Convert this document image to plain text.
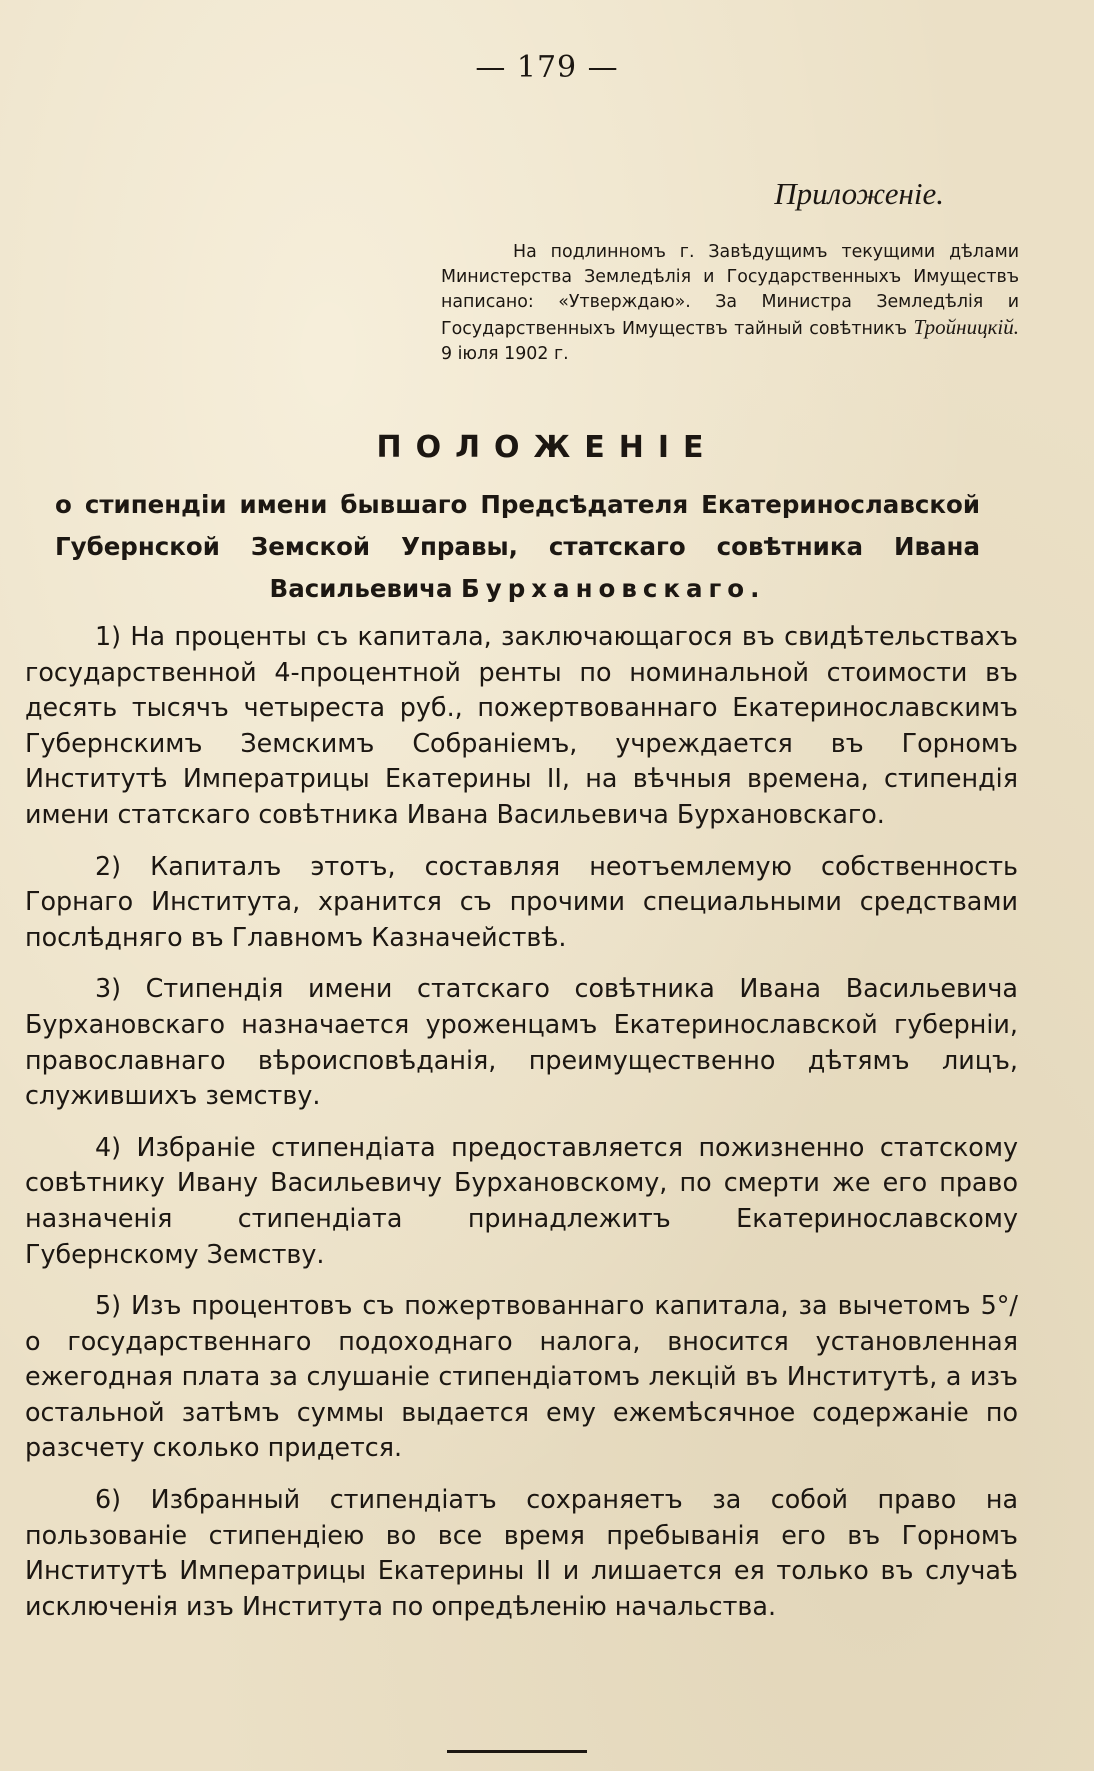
— 179 —
Приложенiе.
На подлинномъ г. Завѣдущимъ текущими дѣлами Министерства Земледѣлiя и Государственныхъ Имуществъ написано: «Утверждаю». За Министра Земледѣлiя и Государственныхъ Имуществъ тайный совѣтникъ Тройницкiй. 9 iюля 1902 г.
ПОЛОЖЕНIЕ
о стипендiи имени бывшаго Предсѣдателя Екатеринославской
Губернской Земской Управы, статскаго совѣтника Ивана
Васильевича Бурхановскаго.

1) На проценты съ капитала, заключающагося въ свидѣтельствахъ государственной 4-процентной ренты по номинальной стоимости въ десять тысячъ четыреста руб., пожертвованнаго Екатеринославскимъ Губернскимъ Земскимъ Собранiемъ, учреждается въ Горномъ Институтѣ Императрицы Екатерины II, на вѣчныя времена, стипендiя имени статскаго совѣтника Ивана Васильевича Бурхановскаго.

2) Капиталъ этотъ, составляя неотъемлемую собственность Горнаго Института, хранится съ прочими специальными средствами послѣдняго въ Главномъ Казначействѣ.

3) Стипендiя имени статскаго совѣтника Ивана Васильевича Бурхановскаго назначается уроженцамъ Екатеринославской губернiи, православнаго вѣроисповѣданiя, преимущественно дѣтямъ лицъ, служившихъ земству.

4) Избранiе стипендiата предоставляется пожизненно статскому совѣтнику Ивану Васильевичу Бурхановскому, по смерти же его право назначенiя стипендiата принадлежитъ Екатеринославскому Губернскому Земству.

5) Изъ процентовъ съ пожертвованнаго капитала, за вычетомъ 5°/о государственнаго подоходнаго налога, вносится установленная ежегодная плата за слушанiе стипендiатомъ лекцiй въ Институтѣ, а изъ остальной затѣмъ суммы выдается ему ежемѣсячное содержанiе по разсчету сколько придется.

6) Избранный стипендiатъ сохраняетъ за собой право на пользованiе стипендiею во все время пребыванiя его въ Горномъ Институтѣ Императрицы Екатерины II и лишается ея только въ случаѣ исключенiя изъ Института по опредѣленiю начальства.
